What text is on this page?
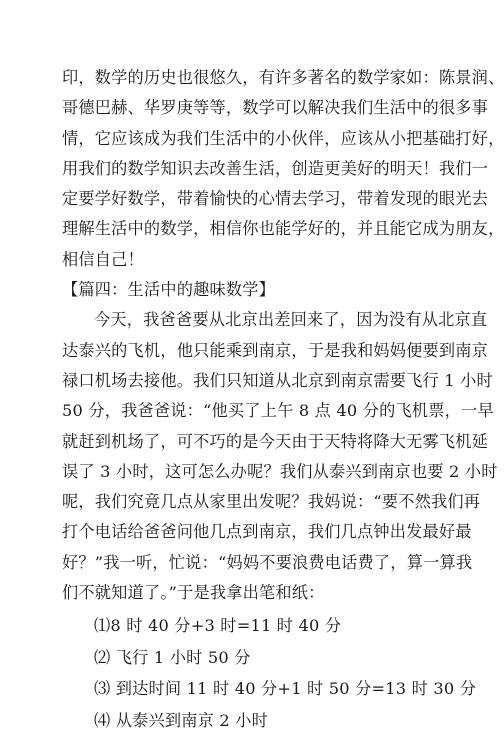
印，数学的历史也很悠久，有许多著名的数学家如：陈景润、
哥德巴赫、华罗庚等等，数学可以解决我们生活中的很多事
情，它应该成为我们生活中的小伙伴，应该从小把基础打好，
用我们的数学知识去改善生活，创造更美好的明天！我们一
定要学好数学，带着愉快的心情去学习，带着发现的眼光去
理解生活中的数学，相信你也能学好的，并且能它成为朋友，
相信自己！
【篇四：生活中的趣味数学】
今天，我爸爸要从北京出差回来了，因为没有从北京直
达泰兴的飞机，他只能乘到南京，于是我和妈妈便要到南京
禄口机场去接他。我们只知道从北京到南京需要飞行 1 小时
50 分，我爸爸说：“他买了上午 8 点 40 分的飞机票，一早
就赶到机场了，可不巧的是今天由于天特将降大无雾飞机延
误了 3 小时，这可怎么办呢？我们从泰兴到南京也要 2 小时
呢，我们究竟几点从家里出发呢？我妈说：“要不然我们再
打个电话给爸爸问他几点到南京，我们几点钟出发最好最
好？”我一听，忙说：“妈妈不要浪费电话费了，算一算我
们不就知道了。”于是我拿出笔和纸：
⑴8 时 40 分+3 时=11 时 40 分
⑵ 飞行 1 小时 50 分
⑶ 到达时间 11 时 40 分+1 时 50 分=13 时 30 分
⑷ 从泰兴到南京 2 小时
